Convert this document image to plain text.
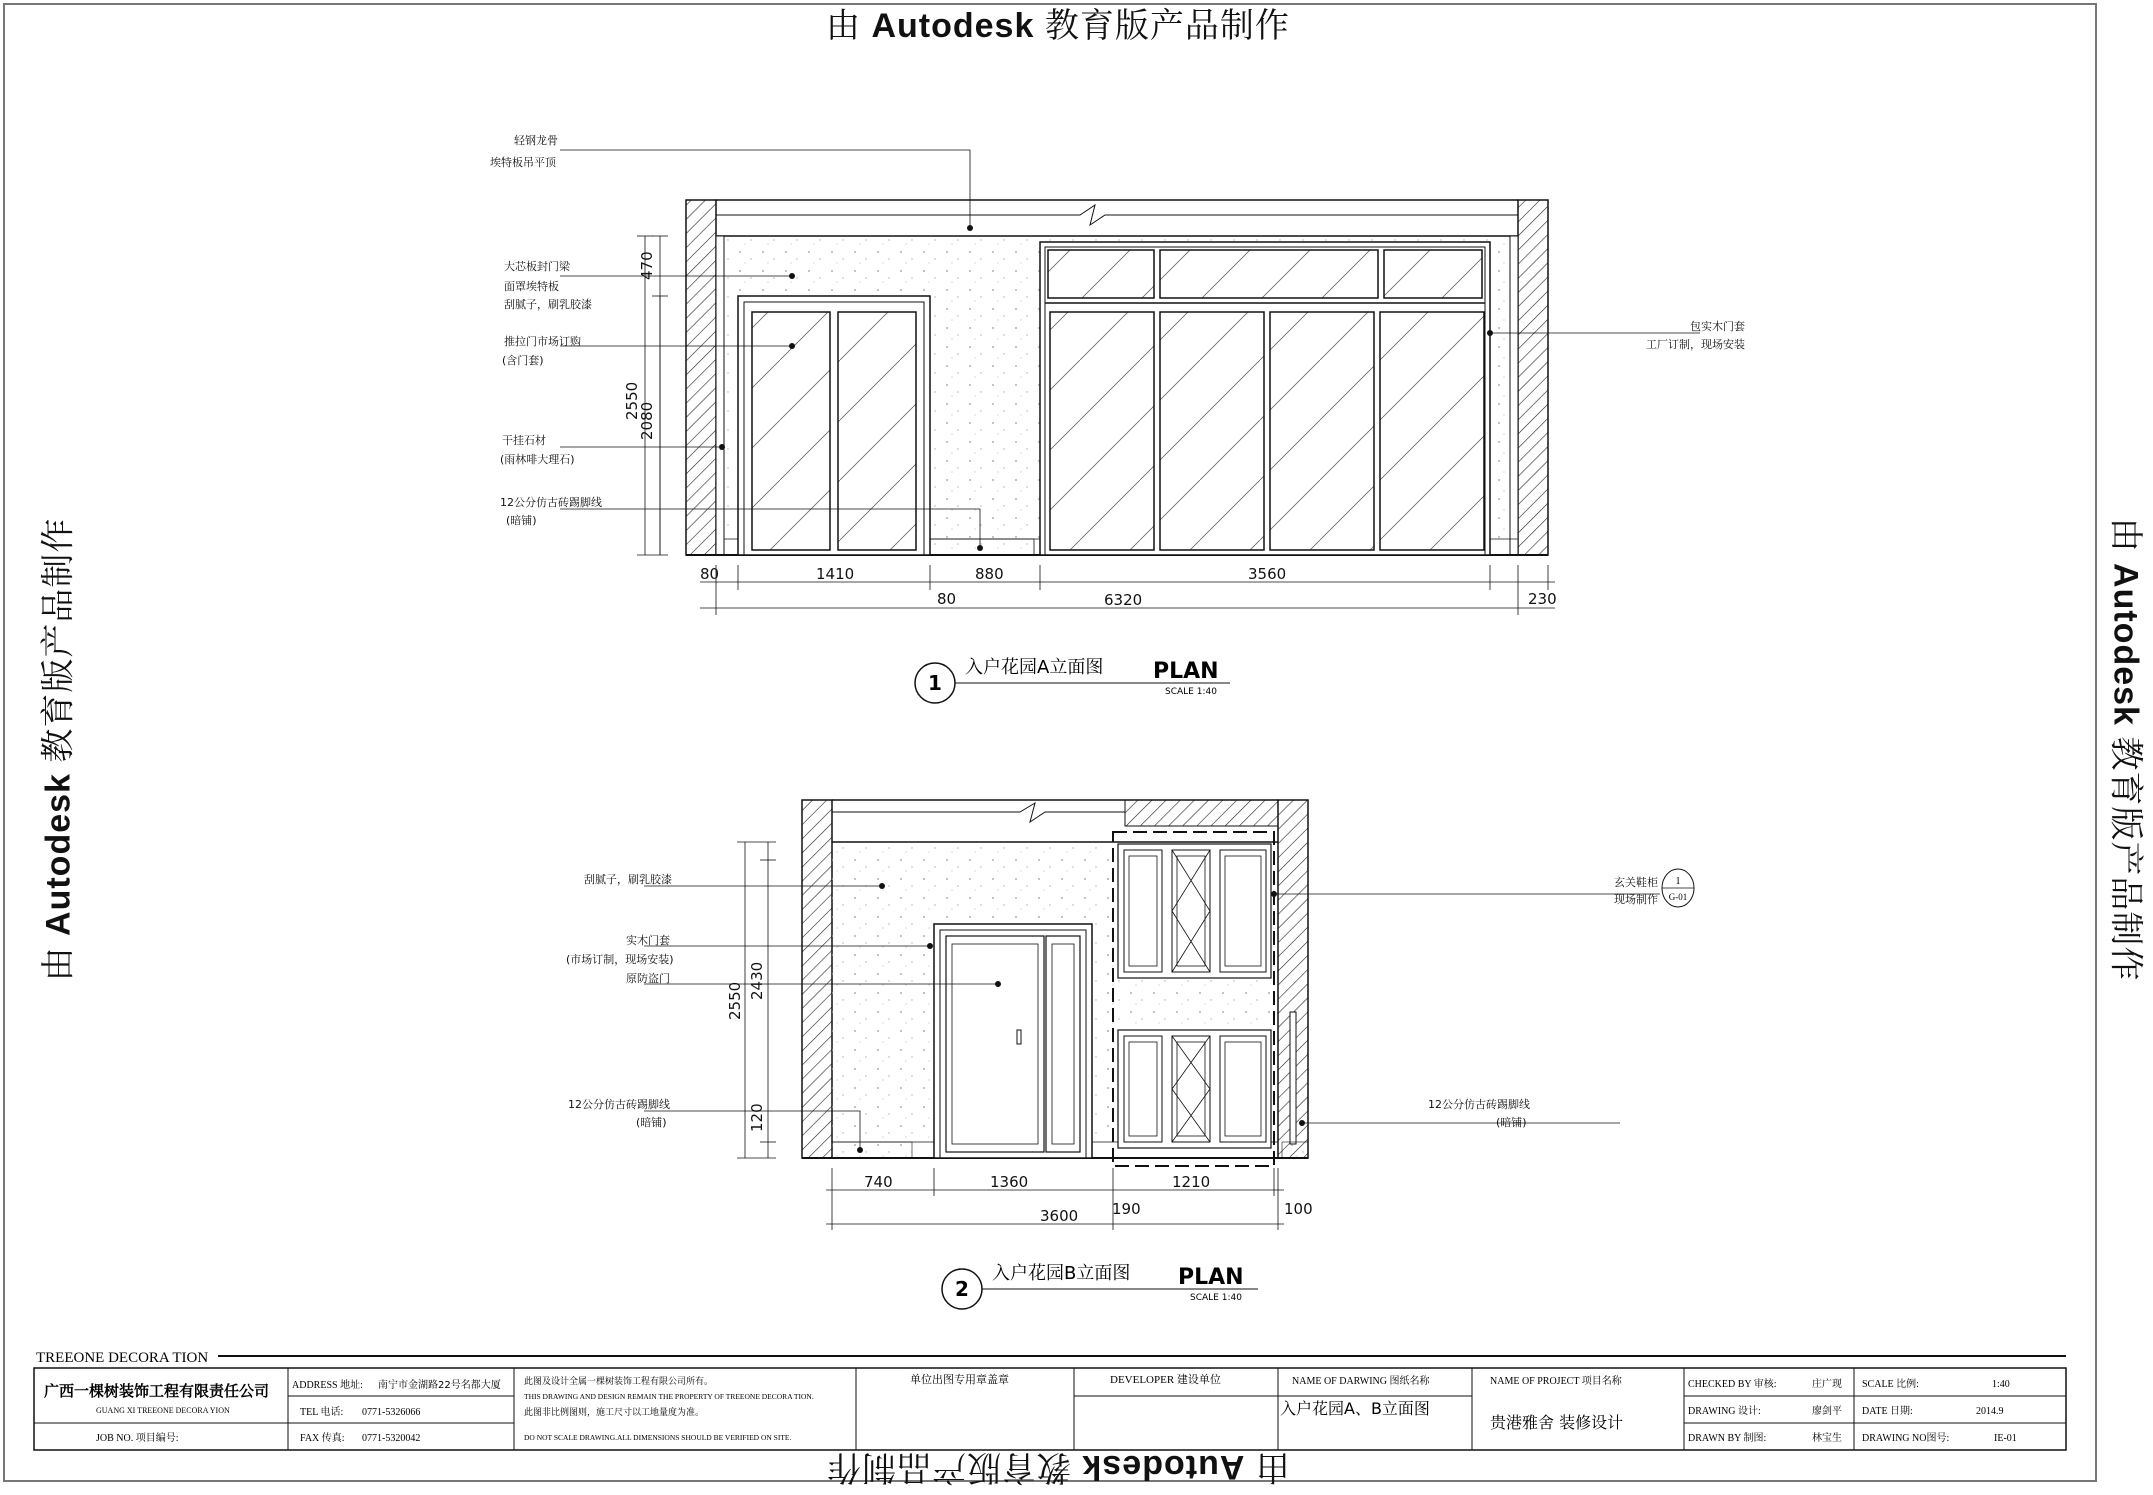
轻钢龙骨
埃特板吊平顶
大芯板封门梁
面罩埃特板
刮腻子，刷乳胶漆
推拉门市场订购
(含门套)
干挂石材
(雨林啡大理石)
12公分仿古砖踢脚线
(暗铺)
包实木门套
工厂订制，现场安装
470
2550
2080
80	1410
80
880	3560
6320	230
1
入户花园A立面图 PLAN
SCALE 1:40
刮腻子，刷乳胶漆
实木门套
(市场订制，现场安装)
原防盗门
12公分仿古砖踢脚线
(暗铺)
玄关鞋柜
现场制作
12公分仿古砖踢脚线
(暗铺)
1
G-01
2550
2430
120
740	1360	1210
3600 190	100
2
入户花园B立面图 PLAN
SCALE 1:40
TREEONE DECORA TION
广西一棵树装饰工程有限责任公司
GUANG XI TREEONE DECORA YION
JOB NO. 项目编号:
ADDRESS 地址: 南宁市金湖路22号名都大厦
TEL 电话: 0771-5326066
FAX 传真: 0771-5320042
此图及设计全属一棵树装饰工程有限公司所有。
THIS DRAWING AND DESIGN REMAIN THE PROPERTY OF TREEONE DECORA TION.
此图非比例图则，施工尺寸以工地量度为准。
DO NOT SCALE DRAWING.ALL DIMENSIONS SHOULD BE VERIFIED ON SITE.
单位出图专用章盖章	DEVELOPER 建设单位	NAME OF DARWING 图纸名称
入户花园A、B立面图
NAME OF PROJECT 项目名称
贵港雅舍 装修设计
CHECKED BY 审核:	庄广现
DRAWING 设计:	廖剑平
DRAWN BY 制图:	林宝生
SCALE 比例:	1:40
DATE 日期:	2014.9
DRAWING NO图号:	IE-01
由 Autodesk 教育版产品制作
由 Autodesk 教育版产品制作
由 Autodesk 教育版产品制作	由 Autodesk 教育版产品制作
